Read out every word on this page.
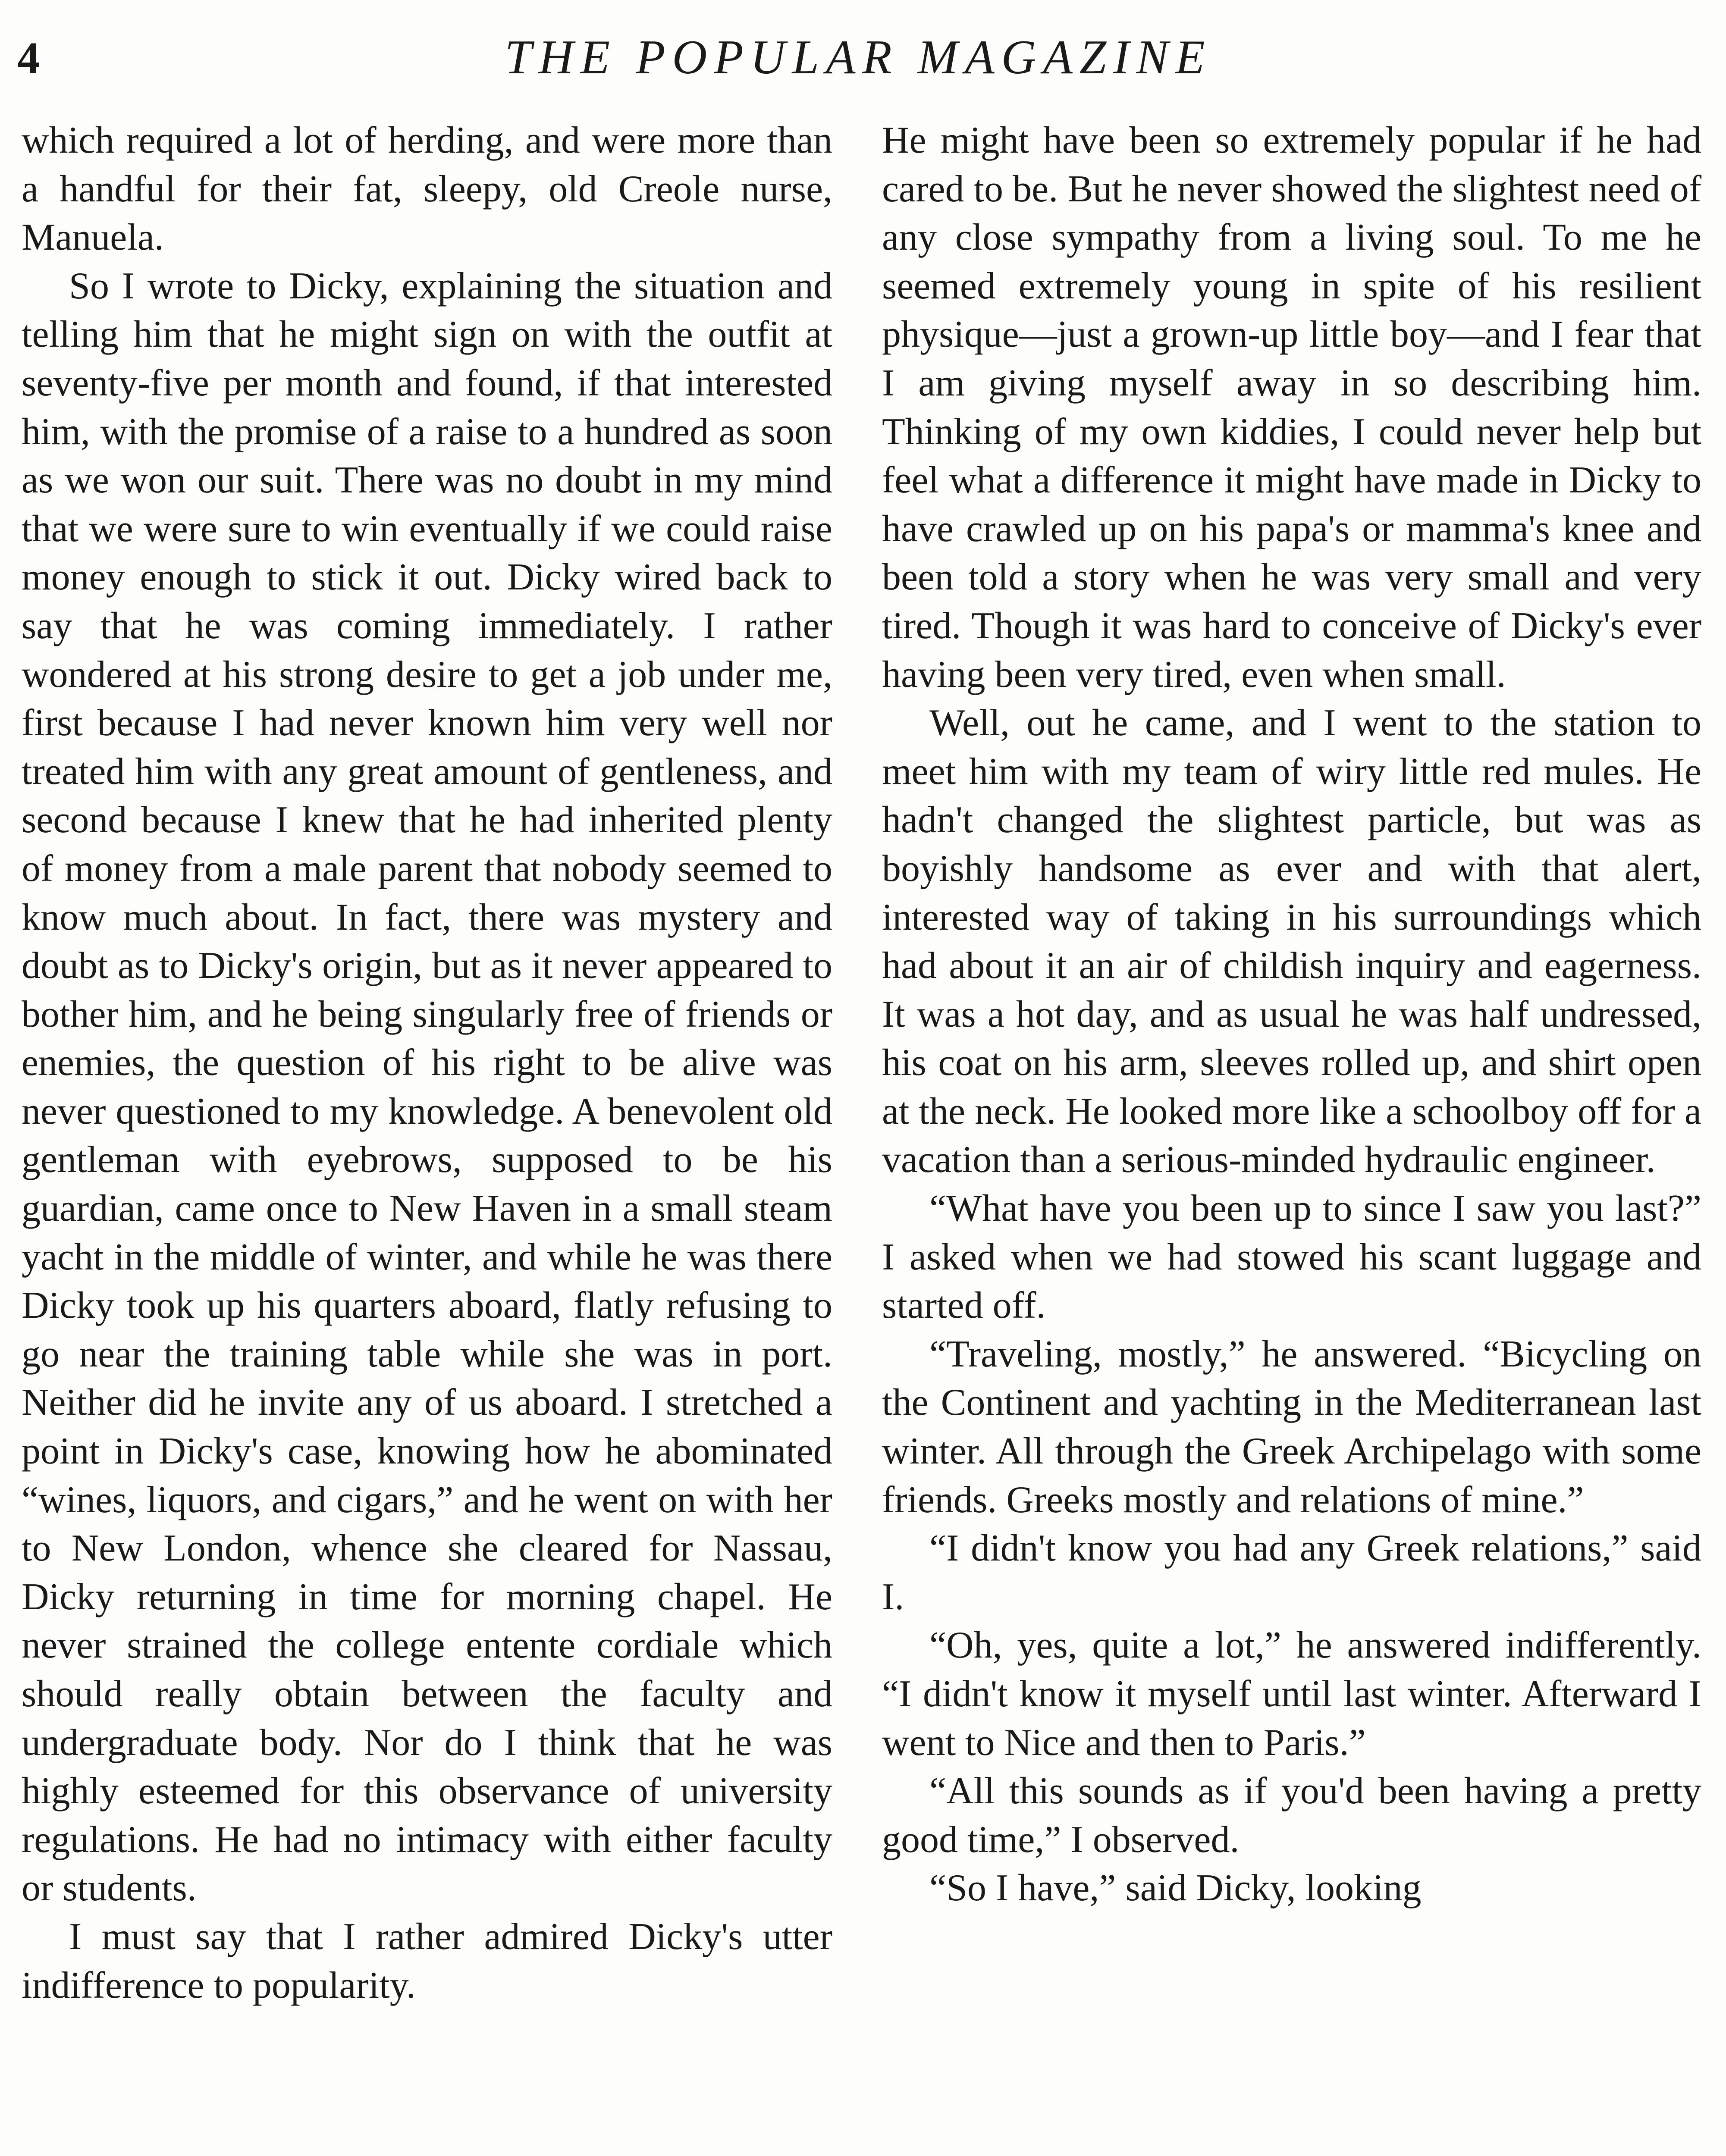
4	THE POPULAR MAGAZINE

which required a lot of herding, and were more than a handful for their fat, sleepy, old Creole nurse, Manuela.

So I wrote to Dicky, explaining the situation and telling him that he might sign on with the outfit at seventy-five per month and found, if that interested him, with the promise of a raise to a hundred as soon as we won our suit. There was no doubt in my mind that we were sure to win eventually if we could raise money enough to stick it out. Dicky wired back to say that he was coming immediately. I rather wondered at his strong desire to get a job under me, first because I had never known him very well nor treated him with any great amount of gentleness, and second because I knew that he had inherited plenty of money from a male parent that nobody seemed to know much about. In fact, there was mystery and doubt as to Dicky's origin, but as it never appeared to bother him, and he being singularly free of friends or enemies, the question of his right to be alive was never questioned to my knowledge. A benevolent old gentleman with eyebrows, supposed to be his guardian, came once to New Haven in a small steam yacht in the middle of winter, and while he was there Dicky took up his quarters aboard, flatly refusing to go near the training table while she was in port. Neither did he invite any of us aboard. I stretched a point in Dicky's case, knowing how he abominated “wines, liquors, and cigars,” and he went on with her to New London, whence she cleared for Nassau, Dicky returning in time for morning chapel. He never strained the college entente cordiale which should really obtain between the faculty and undergraduate body. Nor do I think that he was highly esteemed for this observance of university regulations. He had no intimacy with either faculty or students.

I must say that I rather admired Dicky's utter indifference to popularity.

He might have been so extremely popular if he had cared to be. But he never showed the slightest need of any close sympathy from a living soul. To me he seemed extremely young in spite of his resilient physique—just a grown-up little boy—and I fear that I am giving myself away in so describing him. Thinking of my own kiddies, I could never help but feel what a difference it might have made in Dicky to have crawled up on his papa's or mamma's knee and been told a story when he was very small and very tired. Though it was hard to conceive of Dicky's ever having been very tired, even when small.

Well, out he came, and I went to the station to meet him with my team of wiry little red mules. He hadn't changed the slightest particle, but was as boyishly handsome as ever and with that alert, interested way of taking in his surroundings which had about it an air of childish inquiry and eagerness. It was a hot day, and as usual he was half undressed, his coat on his arm, sleeves rolled up, and shirt open at the neck. He looked more like a schoolboy off for a vacation than a serious-minded hydraulic engineer.

“What have you been up to since I saw you last?” I asked when we had stowed his scant luggage and started off.

“Traveling, mostly,” he answered. “Bicycling on the Continent and yachting in the Mediterranean last winter. All through the Greek Archipelago with some friends. Greeks mostly and relations of mine.”

“I didn't know you had any Greek relations,” said I.

“Oh, yes, quite a lot,” he answered indifferently. “I didn't know it myself until last winter. Afterward I went to Nice and then to Paris.”

“All this sounds as if you'd been having a pretty good time,” I observed.

“So I have,” said Dicky, looking
